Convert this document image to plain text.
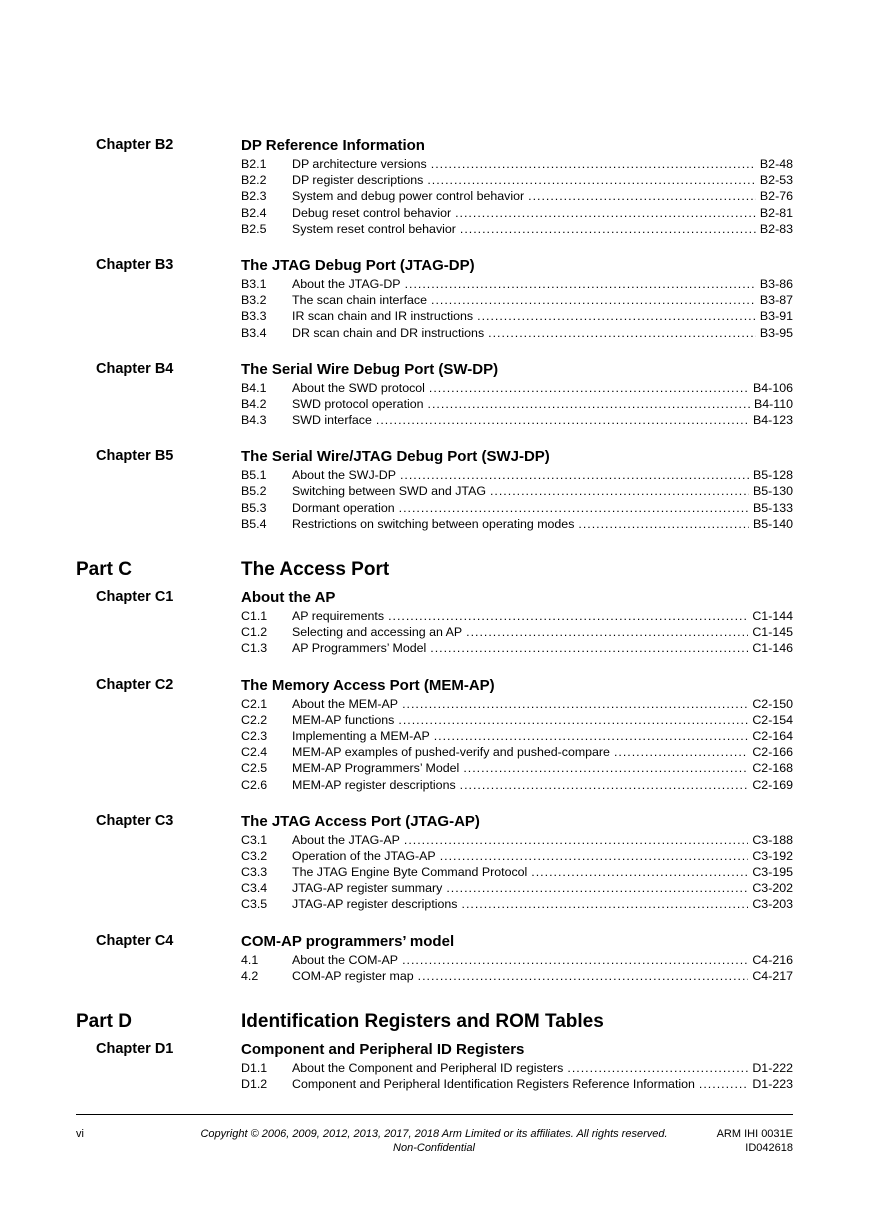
Chapter B2	DP Reference Information
B2.1 DP architecture versions .....	B2-48
B2.2 DP register descriptions .....	B2-53
B2.3 System and debug power control behavior .....	B2-76
B2.4 Debug reset control behavior .....	B2-81
B2.5 System reset control behavior .....	B2-83
Chapter B3	The JTAG Debug Port (JTAG-DP)
B3.1 About the JTAG-DP .....	B3-86
B3.2 The scan chain interface .....	B3-87
B3.3 IR scan chain and IR instructions .....	B3-91
B3.4 DR scan chain and DR instructions .....	B3-95
Chapter B4	The Serial Wire Debug Port (SW-DP)
B4.1 About the SWD protocol .....	B4-106
B4.2 SWD protocol operation .....	B4-110
B4.3 SWD interface .....	B4-123
Chapter B5	The Serial Wire/JTAG Debug Port (SWJ-DP)
B5.1 About the SWJ-DP .....	B5-128
B5.2 Switching between SWD and JTAG .....	B5-130
B5.3 Dormant operation .....	B5-133
B5.4 Restrictions on switching between operating modes .....	B5-140
Part C	The Access Port
Chapter C1	About the AP
C1.1 AP requirements .....	C1-144
C1.2 Selecting and accessing an AP .....	C1-145
C1.3 AP Programmers’ Model .....	C1-146
Chapter C2	The Memory Access Port (MEM-AP)
C2.1 About the MEM-AP .....	C2-150
C2.2 MEM-AP functions .....	C2-154
C2.3 Implementing a MEM-AP .....	C2-164
C2.4 MEM-AP examples of pushed-verify and pushed-compare .....	C2-166
C2.5 MEM-AP Programmers’ Model .....	C2-168
C2.6 MEM-AP register descriptions .....	C2-169
Chapter C3	The JTAG Access Port (JTAG-AP)
C3.1 About the JTAG-AP .....	C3-188
C3.2 Operation of the JTAG-AP .....	C3-192
C3.3 The JTAG Engine Byte Command Protocol .....	C3-195
C3.4 JTAG-AP register summary .....	C3-202
C3.5 JTAG-AP register descriptions .....	C3-203
Chapter C4	COM-AP programmers’ model
4.1	About the COM-AP .....	C4-216
4.2	COM-AP register map .....	C4-217
Part D	Identification Registers and ROM Tables
Chapter D1	Component and Peripheral ID Registers
D1.1 About the Component and Peripheral ID registers .....	D1-222
D1.2 Component and Peripheral Identification Registers Reference Information .....	D1-223
vi	Copyright © 2006, 2009, 2012, 2013, 2017, 2018 Arm Limited or its affiliates. All rights reserved.
Non-Confidential
ARM IHI 0031E
ID042618
